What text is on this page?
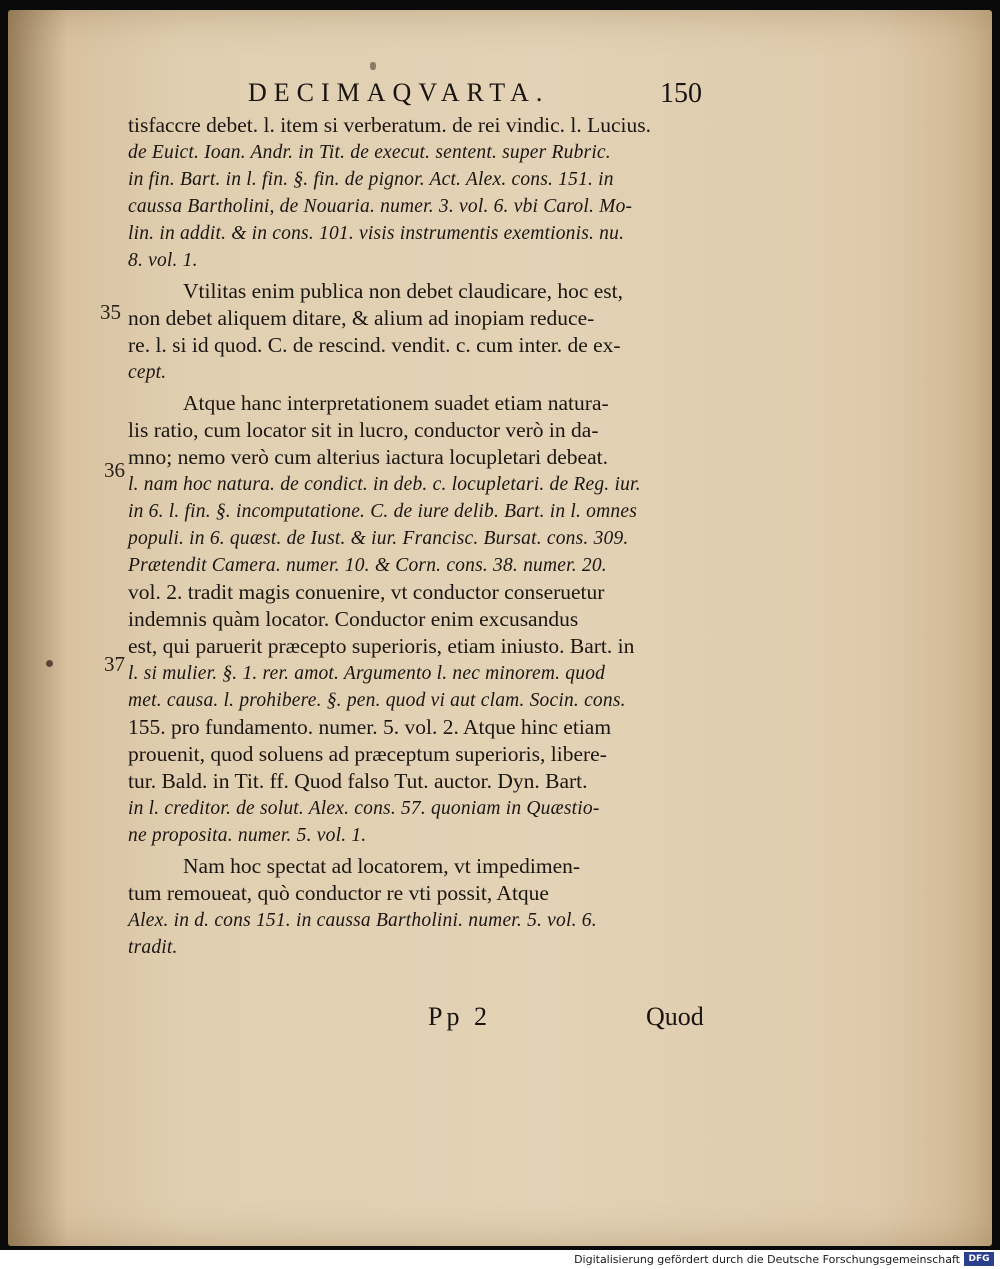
DECIMAQVARTA.	150
35
36
37
tisfaccre debet. l. item si verberatum. de rei vindic. l. Lucius.
de Euict. Ioan. Andr. in Tit. de execut. sentent. super Rubric.
in fin. Bart. in l. fin. §. fin. de pignor. Act. Alex. cons. 151. in
caussa Bartholini, de Nouaria. numer. 3. vol. 6. vbi Carol. Mo-
lin. in addit. & in cons. 101. visis instrumentis exemtionis. nu.
8. vol. 1.
Vtilitas enim publica non debet claudicare, hoc est,
non debet aliquem ditare, & alium ad inopiam reduce-
re. l. si id quod. C. de rescind. vendit. c. cum inter. de ex-
cept.
Atque hanc interpretationem suadet etiam natura-
lis ratio, cum locator sit in lucro, conductor verò in da-
mno; nemo verò cum alterius iactura locupletari debeat.
l. nam hoc natura. de condict. in deb. c. locupletari. de Reg. iur.
in 6. l. fin. §. incomputatione. C. de iure delib. Bart. in l. omnes
populi. in 6. quæst. de Iust. & iur. Francisc. Bursat. cons. 309.
Prætendit Camera. numer. 10. & Corn. cons. 38. numer. 20.
vol. 2. tradit magis conuenire, vt conductor conseruetur
indemnis quàm locator. Conductor enim excusandus
est, qui paruerit præcepto superioris, etiam iniusto. Bart. in
l. si mulier. §. 1. rer. amot. Argumento l. nec minorem. quod
met. causa. l. prohibere. §. pen. quod vi aut clam. Socin. cons.
155. pro fundamento. numer. 5. vol. 2. Atque hinc etiam
prouenit, quod soluens ad præceptum superioris, libere-
tur. Bald. in Tit. ff. Quod falso Tut. auctor. Dyn. Bart.
in l. creditor. de solut. Alex. cons. 57. quoniam in Quæstio-
ne proposita. numer. 5. vol. 1.
Nam hoc spectat ad locatorem, vt impedimen-
tum remoueat, quò conductor re vti possit, Atque
Alex. in d. cons 151. in caussa Bartholini. numer. 5. vol. 6.
tradit.
Pp 2	Quod
Digitalisierung gefördert durch die Deutsche Forschungsgemeinschaft DFG
